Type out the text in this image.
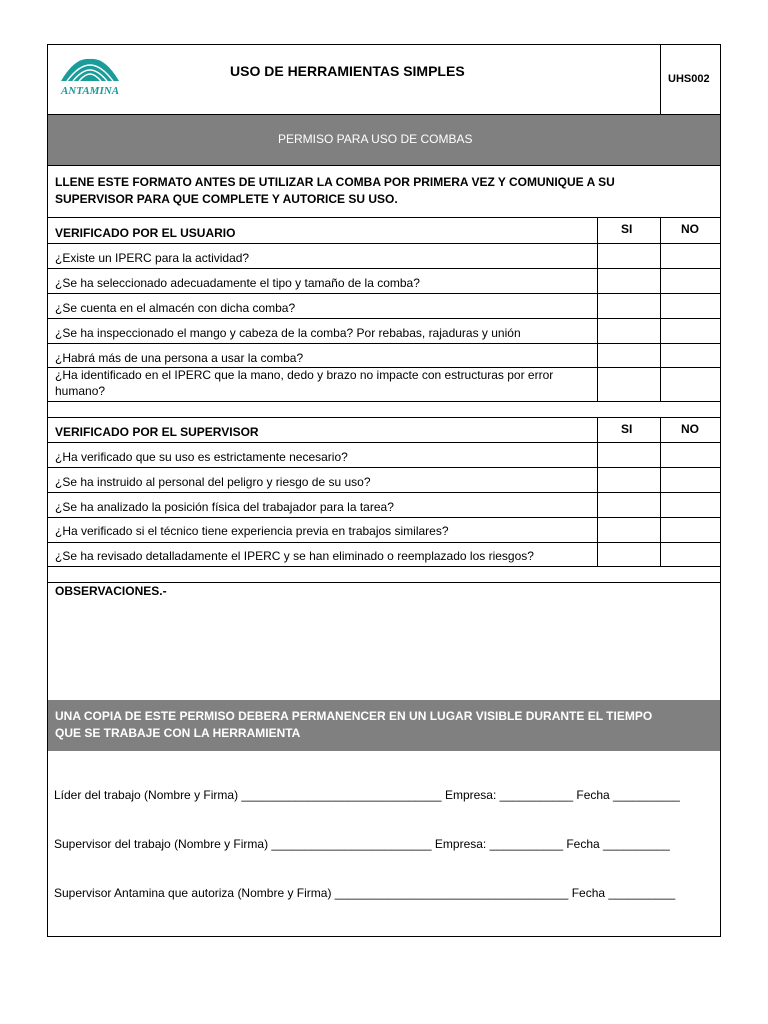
ANTAMINA
USO DE HERRAMIENTAS SIMPLES	UHS002
PERMISO PARA USO DE COMBAS
LLENE ESTE FORMATO ANTES DE UTILIZAR LA COMBA POR PRIMERA VEZ Y COMUNIQUE A SU
SUPERVISOR PARA QUE COMPLETE Y AUTORICE SU USO.
VERIFICADO POR EL USUARIO	SI	NO
¿Existe un IPERC para la actividad?
¿Se ha seleccionado adecuadamente el tipo y tamaño de la comba?
¿Se cuenta en el almacén con dicha comba?
¿Se ha inspeccionado el mango y cabeza de la comba? Por rebabas, rajaduras y unión
¿Habrá más de una persona a usar la comba?
¿Ha identificado en el IPERC que la mano, dedo y brazo no impacte con estructuras por error
humano?
VERIFICADO POR EL SUPERVISOR	SI	NO
¿Ha verificado que su uso es estrictamente necesario?
¿Se ha instruido al personal del peligro y riesgo de su uso?
¿Se ha analizado la posición física del trabajador para la tarea?
¿Ha verificado si el técnico tiene experiencia previa en trabajos similares?
¿Se ha revisado detalladamente el IPERC y se han eliminado o reemplazado los riesgos?
OBSERVACIONES.-
UNA COPIA DE ESTE PERMISO DEBERA PERMANENCER EN UN LUGAR VISIBLE DURANTE EL TIEMPO
QUE SE TRABAJE CON LA HERRAMIENTA
Líder del trabajo (Nombre y Firma) ______________________________ Empresa: ___________ Fecha __________
Supervisor del trabajo (Nombre y Firma) ________________________ Empresa: ___________ Fecha __________
Supervisor Antamina que autoriza (Nombre y Firma) ___________________________________ Fecha __________
